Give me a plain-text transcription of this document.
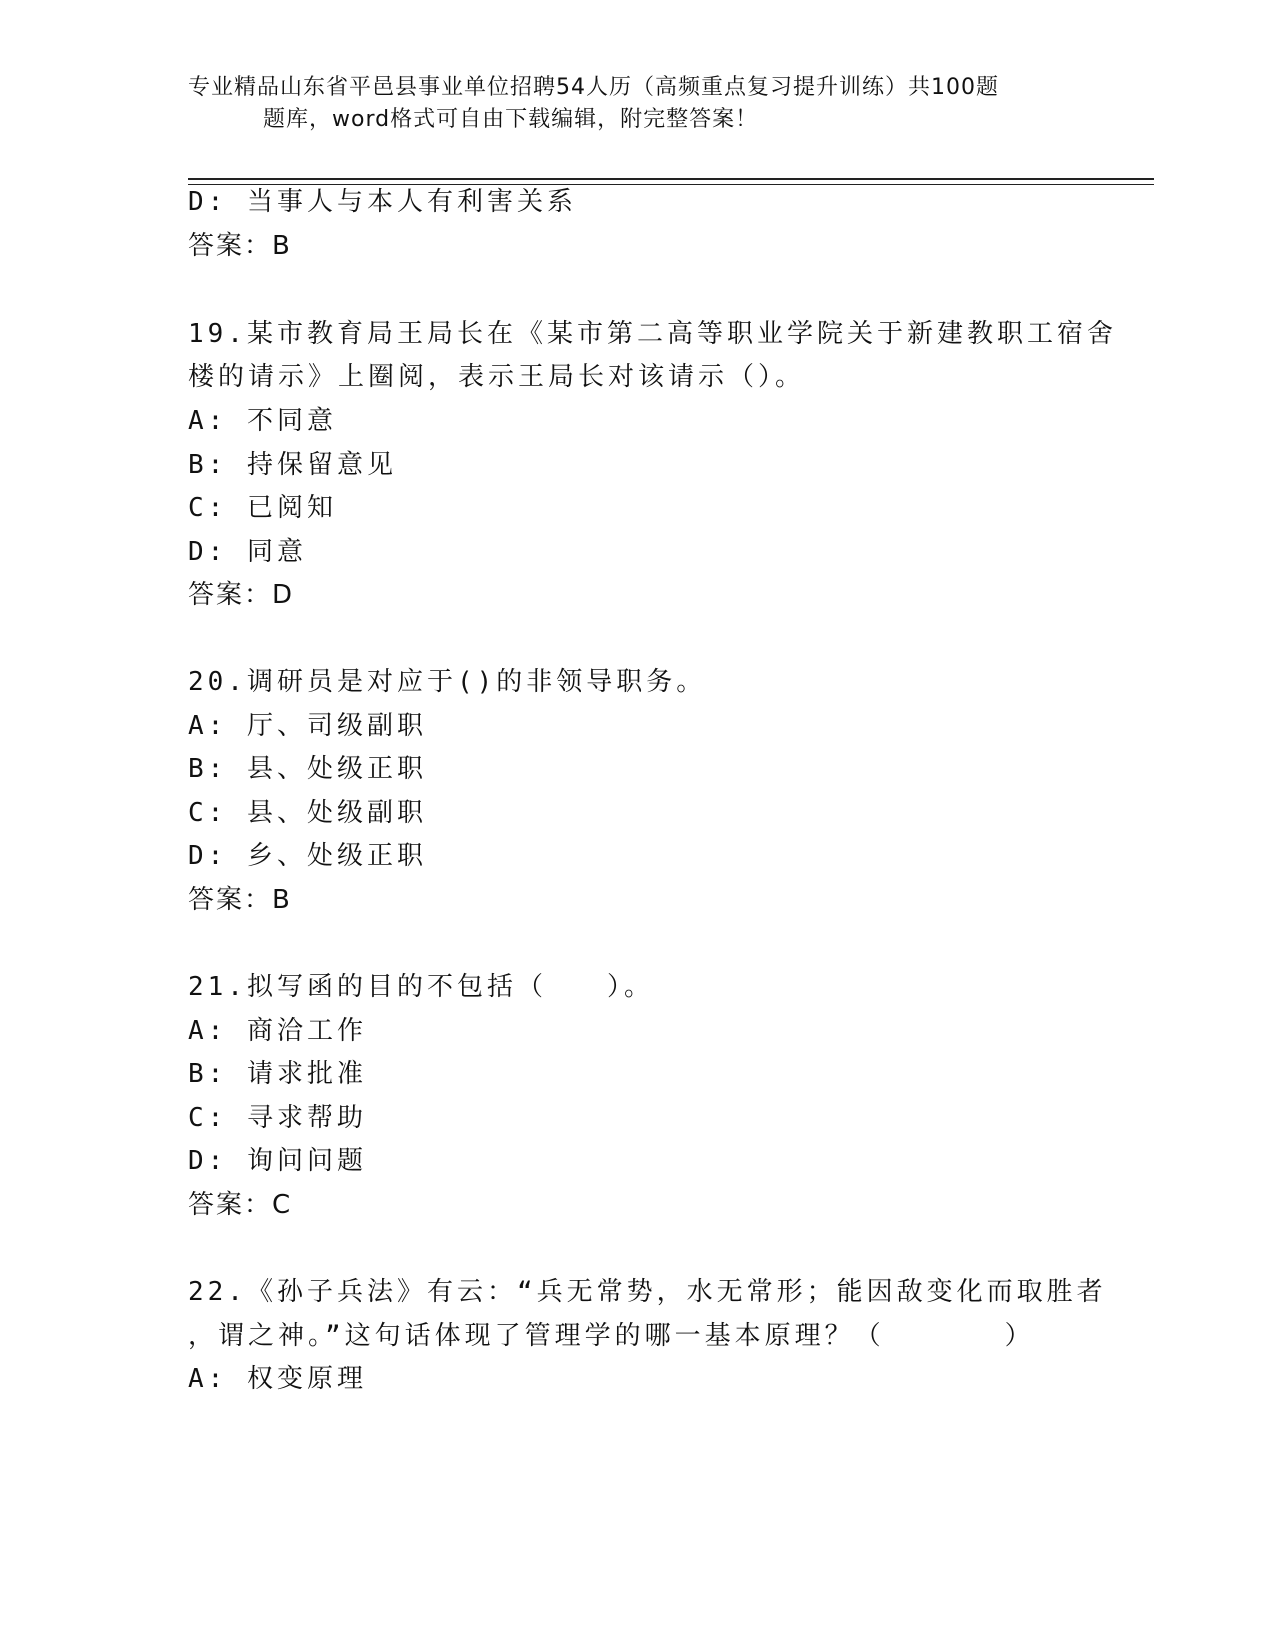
专业精品山东省平邑县事业单位招聘54人历（高频重点复习提升训练）共100题

题库，word格式可自由下载编辑，附完整答案！
D: 当事人与本人有利害关系
答案：B
19.某市教育局王局长在《某市第二高等职业学院关于新建教职工宿舍
楼的请示》上圈阅，表示王局长对该请示（）。
A: 不同意
B: 持保留意见
C: 已阅知
D: 同意
答案：D
20.调研员是对应于()的非领导职务。
A: 厅、司级副职
B: 县、处级正职
C: 县、处级副职
D: 乡、处级正职
答案：B
21.拟写函的目的不包括（　　）。
A: 商洽工作
B: 请求批准
C: 寻求帮助
D: 询问问题
答案：C
22.《孙子兵法》有云：“兵无常势，水无常形；能因敌变化而取胜者
，谓之神。”这句话体现了管理学的哪一基本原理？（　　　　）
A: 权变原理
